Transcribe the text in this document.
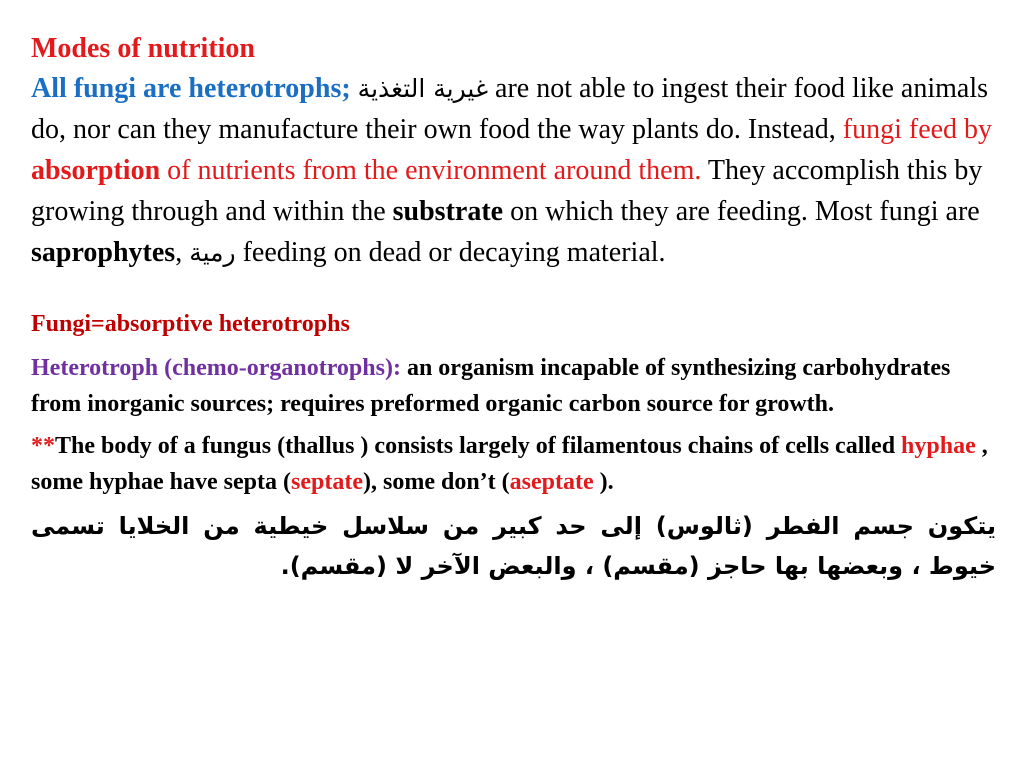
Modes of nutrition

All fungi are heterotrophs; غيرية التغذية are not able to ingest their food like animals do, nor can they manufacture their own food the way plants do. Instead, fungi feed by absorption of nutrients from the environment around them. They accomplish this by growing through and within the substrate on which they are feeding. Most fungi are saprophytes, رمية feeding on dead or decaying material.

Fungi=absorptive heterotrophs

Heterotroph (chemo-organotrophs): an organism incapable of synthesizing carbohydrates from inorganic sources; requires preformed organic carbon source for growth.

**The body of a fungus (thallus ) consists largely of filamentous chains of cells called hyphae , some hyphae have septa (septate), some don’t (aseptate ).

يتكون جسم الفطر (ثالوس) إلى حد كبير من سلاسل خيطية من الخلايا تسمى خيوط ، وبعضها بها حاجز (مقسم) ، والبعض الآخر لا (مقسم).
